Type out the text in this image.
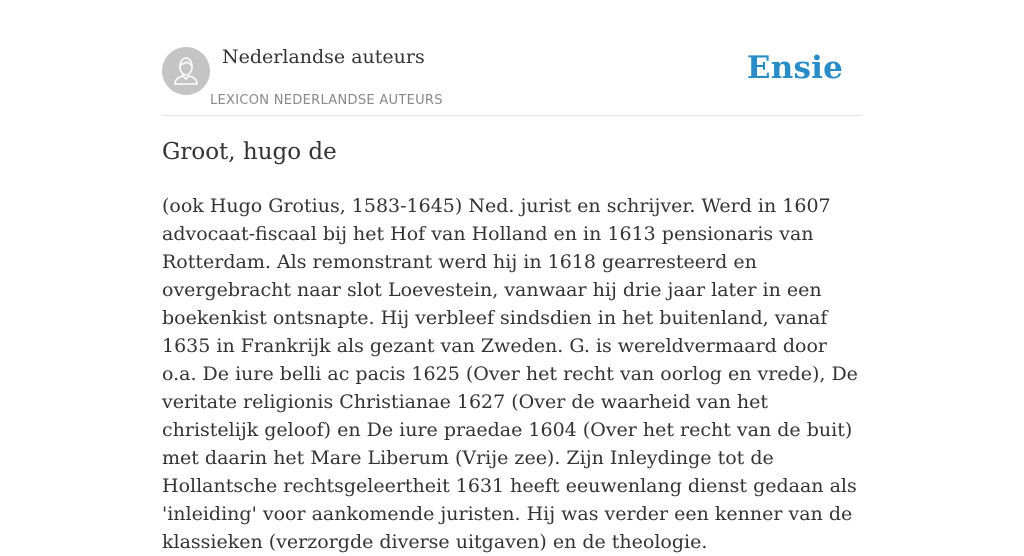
Nederlandse auteurs
LEXICON NEDERLANDSE AUTEURS
Ensie
Groot, hugo de

(ook Hugo Grotius, 1583-1645) Ned. jurist en schrijver. Werd in 1607 advocaat-fiscaal bij het Hof van Holland en in 1613 pensionaris van Rotterdam. Als remonstrant werd hij in 1618 gearresteerd en overgebracht naar slot Loevestein, vanwaar hij drie jaar later in een boekenkist ontsnapte. Hij verbleef sindsdien in het buitenland, vanaf 1635 in Frankrijk als gezant van Zweden. G. is wereldvermaard door o.a. De iure belli ac pacis 1625 (Over het recht van oorlog en vrede), De veritate religionis Christianae 1627 (Over de waarheid van het christelijk geloof) en De iure praedae 1604 (Over het recht van de buit) met daarin het Mare Liberum (Vrije zee). Zijn Inleydinge tot de Hollantsche rechtsgeleertheit 1631 heeft eeuwenlang dienst gedaan als 'inleiding' voor aankomende juristen. Hij was verder een kenner van de klassieken (verzorgde diverse uitgaven) en de theologie.
